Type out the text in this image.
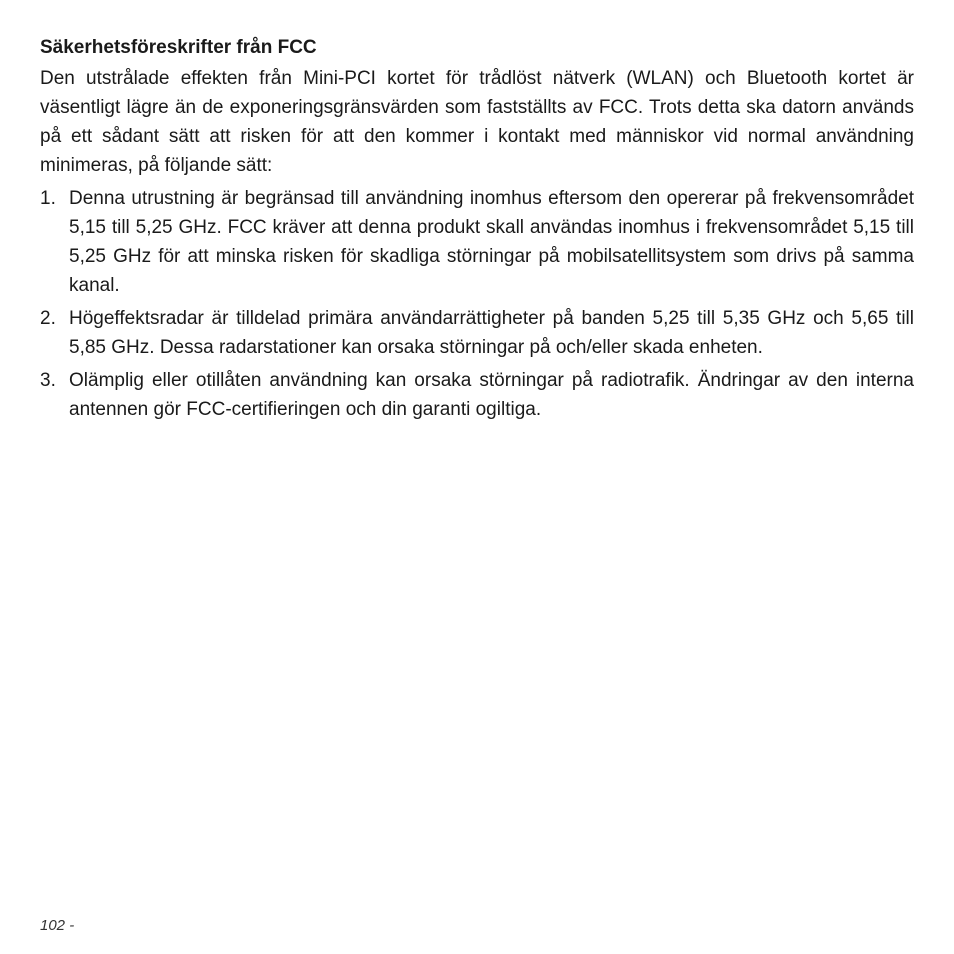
Säkerhetsföreskrifter från FCC

Den utstrålade effekten från Mini-PCI kortet för trådlöst nätverk (WLAN) och Bluetooth kortet är väsentligt lägre än de exponeringsgränsvärden som fastställts av FCC. Trots detta ska datorn används på ett sådant sätt att risken för att den kommer i kontakt med människor vid normal användning minimeras, på följande sätt:

1. Denna utrustning är begränsad till användning inomhus eftersom den opererar på frekvensområdet 5,15 till 5,25 GHz. FCC kräver att denna produkt skall användas inomhus i frekvensområdet 5,15 till 5,25 GHz för att minska risken för skadliga störningar på mobilsatellitsystem som drivs på samma kanal.
2. Högeffektsradar är tilldelad primära användarrättigheter på banden 5,25 till 5,35 GHz och 5,65 till 5,85 GHz. Dessa radarstationer kan orsaka störningar på och/eller skada enheten.
3. Olämplig eller otillåten användning kan orsaka störningar på radiotrafik. Ändringar av den interna antennen gör FCC-certifieringen och din garanti ogiltiga.
102 -
